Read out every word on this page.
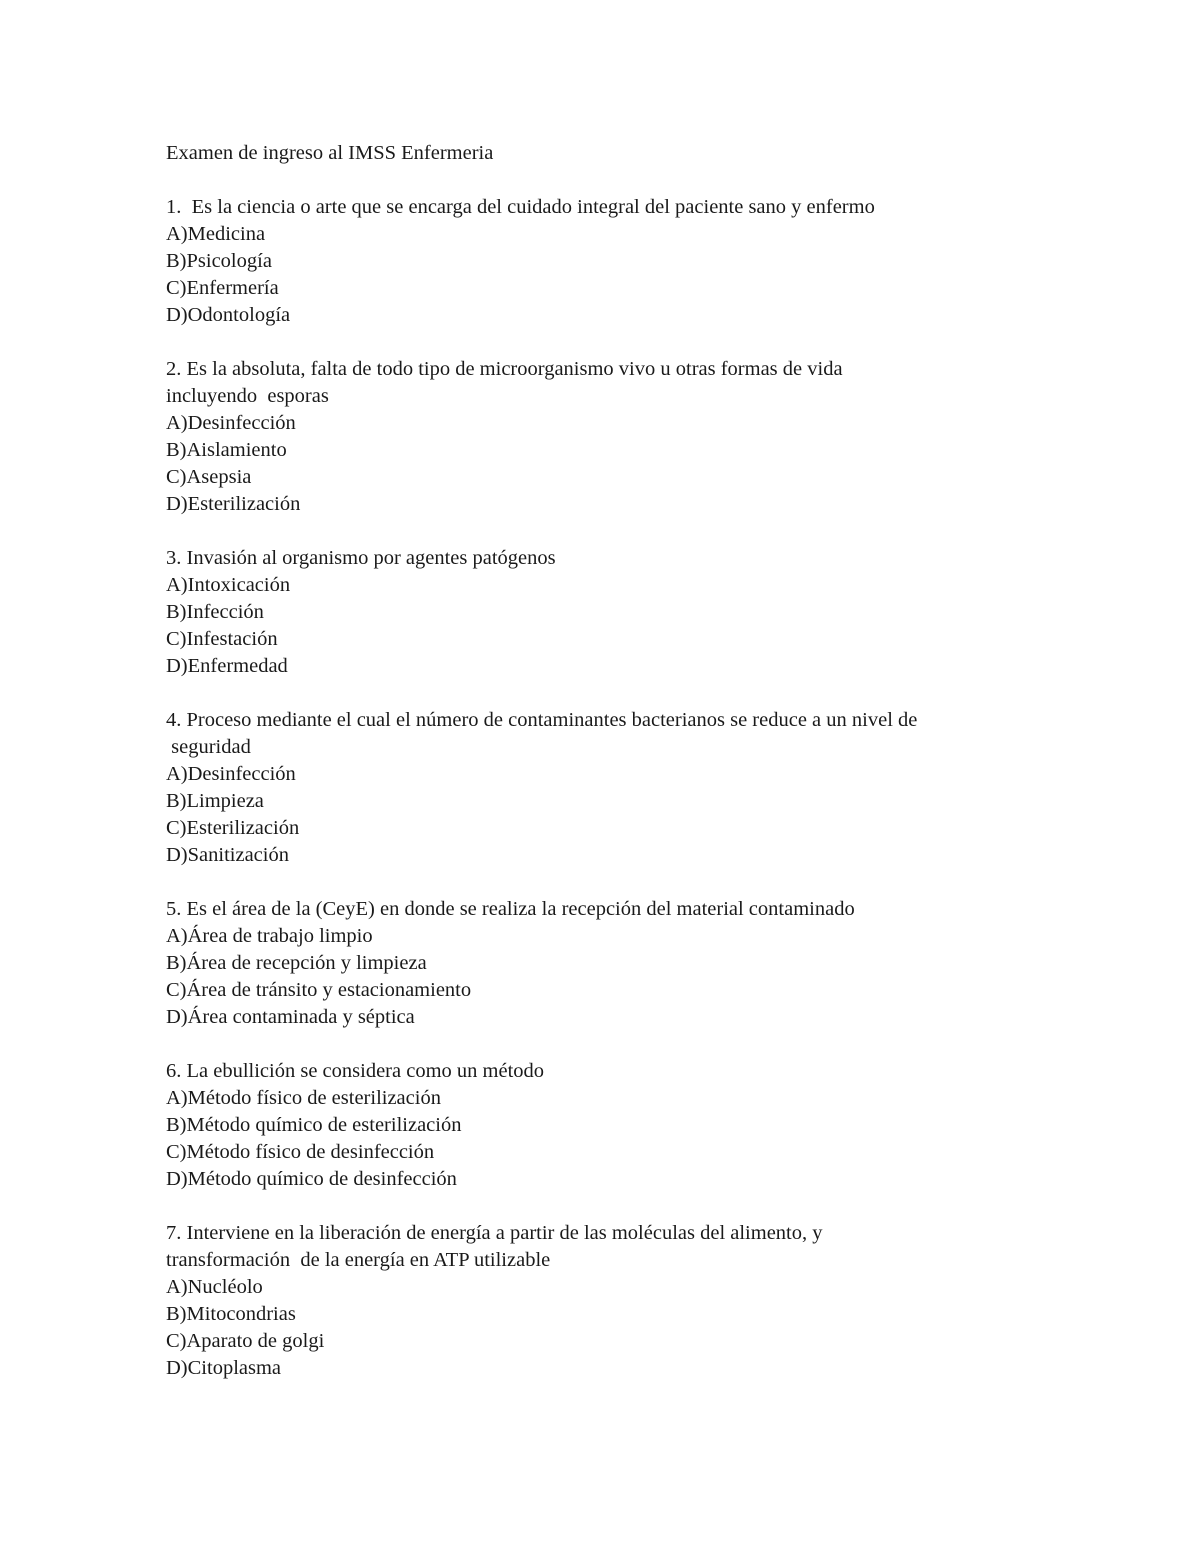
Examen de ingreso al IMSS Enfermeria

1.  Es la ciencia o arte que se encarga del cuidado integral del paciente sano y enfermo

A)Medicina
B)Psicología
C)Enfermería
D)Odontología

2. Es la absoluta, falta de todo tipo de microorganismo vivo u otras formas de vida
incluyendo  esporas

A)Desinfección
B)Aislamiento
C)Asepsia
D)Esterilización

3. Invasión al organismo por agentes patógenos

A)Intoxicación
B)Infección
C)Infestación
D)Enfermedad

4. Proceso mediante el cual el número de contaminantes bacterianos se reduce a un nivel de
seguridad

A)Desinfección
B)Limpieza
C)Esterilización
D)Sanitización

5. Es el área de la (CeyE) en donde se realiza la recepción del material contaminado

A)Área de trabajo limpio
B)Área de recepción y limpieza
C)Área de tránsito y estacionamiento
D)Área contaminada y séptica

6. La ebullición se considera como un método

A)Método físico de esterilización
B)Método químico de esterilización
C)Método físico de desinfección
D)Método químico de desinfección

7. Interviene en la liberación de energía a partir de las moléculas del alimento, y
transformación  de la energía en ATP utilizable

A)Nucléolo
B)Mitocondrias
C)Aparato de golgi
D)Citoplasma
